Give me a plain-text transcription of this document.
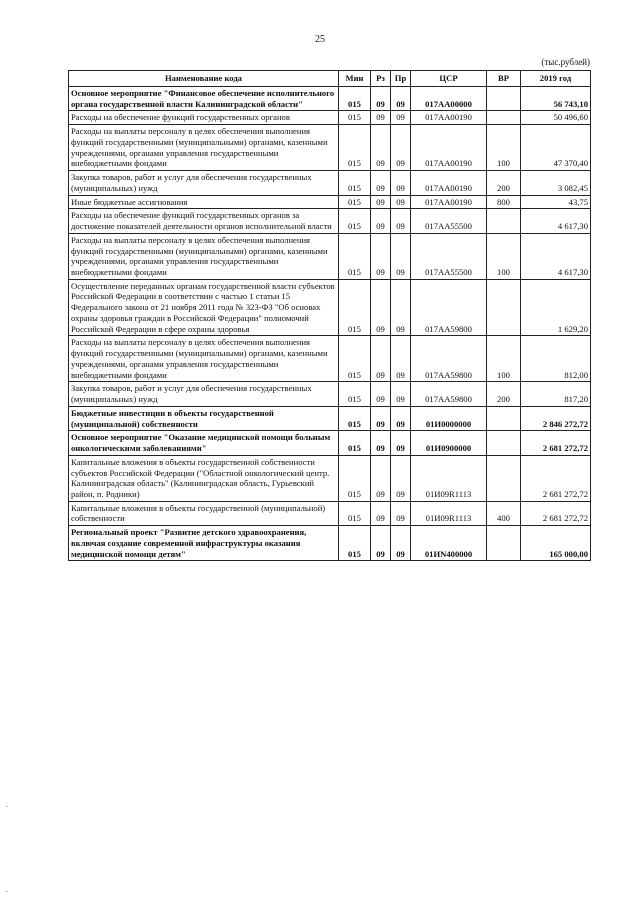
25
(тыс.рублей)
Наименование кода	Мин	Рз	Пр	ЦСР	ВР	2019 год
Основное мероприятие "Финансовое обеспечение исполнительного органа государственной власти Калининградской области"	015	09	09	017АА00000		56 743,10
Расходы на обеспечение функций государственных органов	015	09	09	017АА00190		50 496,60
Расходы на выплаты персоналу в целях обеспечения выполнения функций государственными (муниципальными) органами, казенными учреждениями, органами управления государственными внебюджетными фондами	015	09	09	017АА00190	100	47 370,40
Закупка товаров, работ и услуг для обеспечения государственных (муниципальных) нужд	015	09	09	017АА00190	200	3 082,45
Иные бюджетные ассигнования	015	09	09	017АА00190	800	43,75
Расходы на обеспечение функций государственных органов за достижение показателей деятельности органов исполнительной власти	015	09	09	017АА55500		4 617,30
Расходы на выплаты персоналу в целях обеспечения выполнения функций государственными (муниципальными) органами, казенными учреждениями, органами управления государственными внебюджетными фондами	015	09	09	017АА55500	100	4 617,30
Осуществление переданных органам государственной власти субъектов Российской Федерации в соответствии с частью 1 статьи 15 Федерального закона от 21 ноября 2011 года № 323-ФЗ "Об основах охраны здоровья граждан в Российской Федерации" полномочий Российской Федерации в сфере охраны здоровья	015	09	09	017АА59800		1 629,20
Расходы на выплаты персоналу в целях обеспечения выполнения функций государственными (муниципальными) органами, казенными учреждениями, органами управления государственными внебюджетными фондами	015	09	09	017АА59800	100	812,00
Закупка товаров, работ и услуг для обеспечения государственных (муниципальных) нужд	015	09	09	017АА59800	200	817,20
Бюджетные инвестиции в объекты государственной (муниципальной) собственности	015	09	09	01И0000000		2 846 272,72
Основное мероприятие "Оказание медицинской помощи больным онкологическими заболеваниями"	015	09	09	01И0900000		2 681 272,72
Капитальные вложения в объекты государственной собственности субъектов Российской Федерации ("Областной онкологический центр. Калининградская область" (Калининградская область, Гурьевский район, п. Родники)	015	09	09	01И09R1113		2 681 272,72
Капитальные вложения в объекты государственной (муниципальной) собственности	015	09	09	01И09R1113	400	2 681 272,72
Региональный проект "Развитие детского здравоохранения, включая создание современной инфраструктуры оказания медицинской помощи детям"	015	09	09	01ИN400000		165 000,00
.
.
